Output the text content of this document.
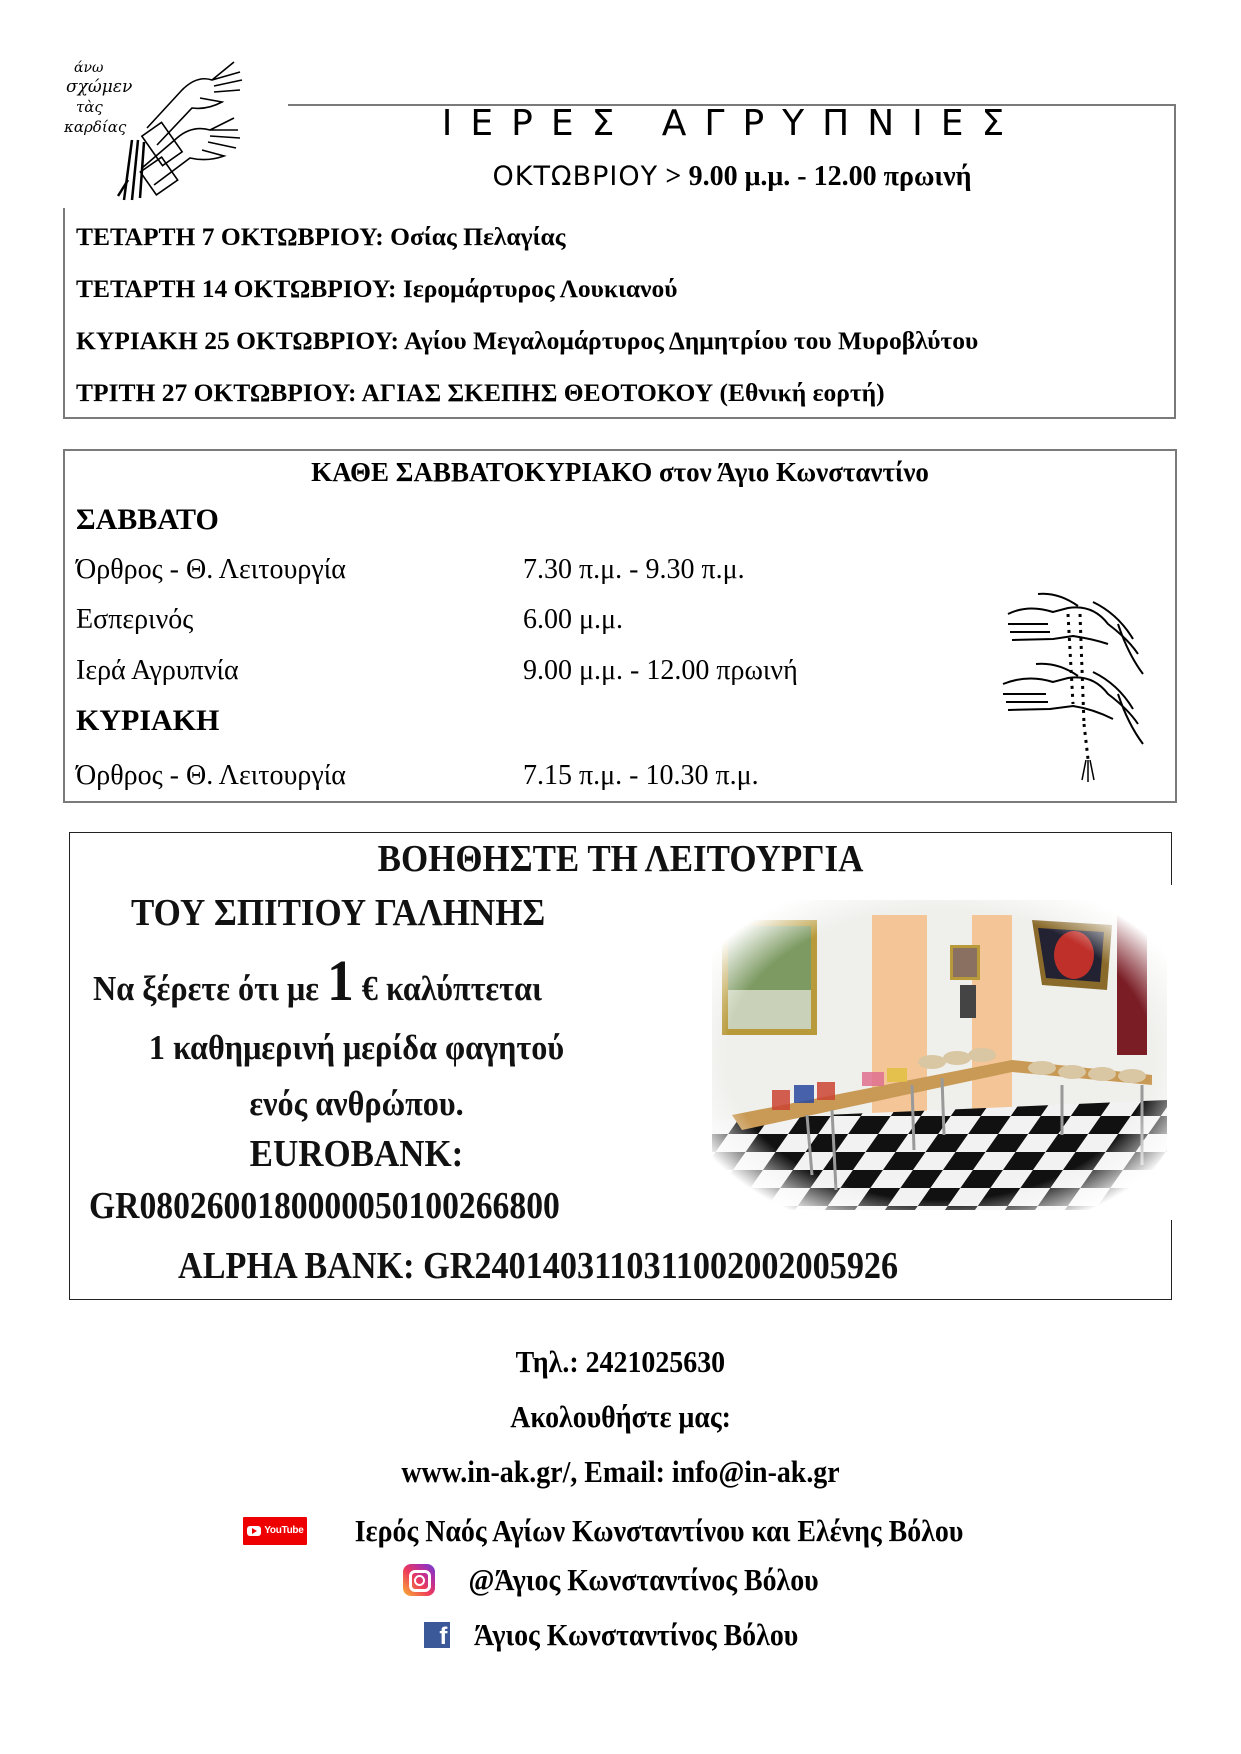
άνω
σχώμεν
τὰς
καρδίας	ΙΕΡΕΣ ΑΓΡΥΠΝΙΕΣ
ΟΚΤΩΒΡΙΟΥ > 9.00 μ.μ. - 12.00 πρωινή
ΤΕΤΑΡΤΗ 7 ΟΚΤΩΒΡΙΟΥ: Οσίας Πελαγίας
ΤΕΤΑΡΤΗ 14 ΟΚΤΩΒΡΙΟΥ: Ιερομάρτυρος Λουκιανού
ΚΥΡΙΑΚΗ 25 ΟΚΤΩΒΡΙΟΥ: Αγίου Μεγαλομάρτυρος Δημητρίου του Μυροβλύτου
ΤΡΙΤΗ 27 ΟΚΤΩΒΡΙΟΥ: ΑΓΙΑΣ ΣΚΕΠΗΣ ΘΕΟΤΟΚΟΥ (Εθνική εορτή)
ΚΑΘΕ ΣΑΒΒΑΤΟΚΥΡΙΑΚΟ στον Άγιο Κωνσταντίνο
ΣΑΒΒΑΤΟ
Όρθρος - Θ. Λειτουργία	7.30 π.μ. - 9.30 π.μ.
Εσπερινός	6.00 μ.μ.
Ιερά Αγρυπνία	9.00 μ.μ. - 12.00 πρωινή
ΚΥΡΙΑΚΗ
Όρθρος - Θ. Λειτουργία	7.15 π.μ. - 10.30 π.μ.
ΒΟΗΘΗΣΤΕ ΤΗ ΛΕΙΤΟΥΡΓΙΑ
ΤΟΥ ΣΠΙΤΙΟΥ ΓΑΛΗΝΗΣ
Να ξέρετε ότι με 1 € καλύπτεται
1 καθημερινή μερίδα φαγητού
ενός ανθρώπου.
EUROBANK:
GR0802600180000050100266800
ALPHA BANK: GR2401403110311002002005926
Τηλ.: 2421025630
Ακολουθήστε μας:
www.in-ak.gr/, Email: info@in-ak.gr
YouTube Ιερός Ναός Αγίων Κωνσταντίνου και Ελένης Βόλου
@Άγιος Κωνσταντίνος Βόλου
f Άγιος Κωνσταντίνος Βόλου
